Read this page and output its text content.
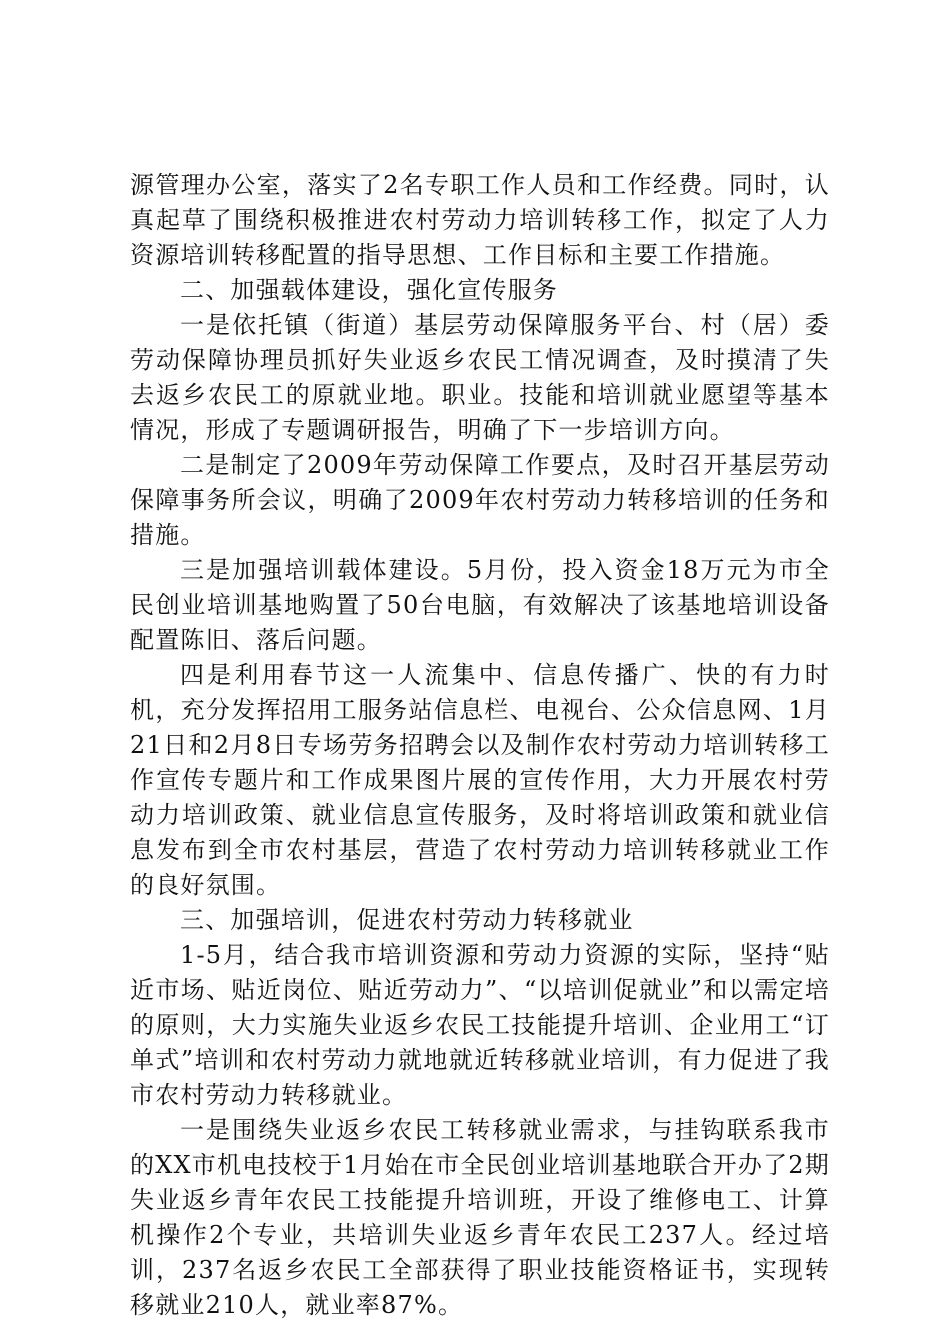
源管理办公室，落实了2名专职工作人员和工作经费。同时，认真起草了围绕积极推进农村劳动力培训转移工作，拟定了人力资源培训转移配置的指导思想、工作目标和主要工作措施。

二、加强载体建设，强化宣传服务

一是依托镇（街道）基层劳动保障服务平台、村（居）委劳动保障协理员抓好失业返乡农民工情况调查，及时摸清了失去返乡农民工的原就业地。职业。技能和培训就业愿望等基本情况，形成了专题调研报告，明确了下一步培训方向。

二是制定了2009年劳动保障工作要点，及时召开基层劳动保障事务所会议，明确了2009年农村劳动力转移培训的任务和措施。

三是加强培训载体建设。5月份，投入资金18万元为市全民创业培训基地购置了50台电脑，有效解决了该基地培训设备配置陈旧、落后问题。

四是利用春节这一人流集中、信息传播广、快的有力时机，充分发挥招用工服务站信息栏、电视台、公众信息网、1月21日和2月8日专场劳务招聘会以及制作农村劳动力培训转移工作宣传专题片和工作成果图片展的宣传作用，大力开展农村劳动力培训政策、就业信息宣传服务，及时将培训政策和就业信息发布到全市农村基层，营造了农村劳动力培训转移就业工作的良好氛围。

三、加强培训，促进农村劳动力转移就业

1-5月，结合我市培训资源和劳动力资源的实际，坚持“贴近市场、贴近岗位、贴近劳动力”、“以培训促就业”和以需定培的原则，大力实施失业返乡农民工技能提升培训、企业用工“订单式”培训和农村劳动力就地就近转移就业培训，有力促进了我市农村劳动力转移就业。

一是围绕失业返乡农民工转移就业需求，与挂钩联系我市的XX市机电技校于1月始在市全民创业培训基地联合开办了2期失业返乡青年农民工技能提升培训班，开设了维修电工、计算机操作2个专业，共培训失业返乡青年农民工237人。经过培训，237名返乡农民工全部获得了职业技能资格证书，实现转移就业210人，就业率87%。
